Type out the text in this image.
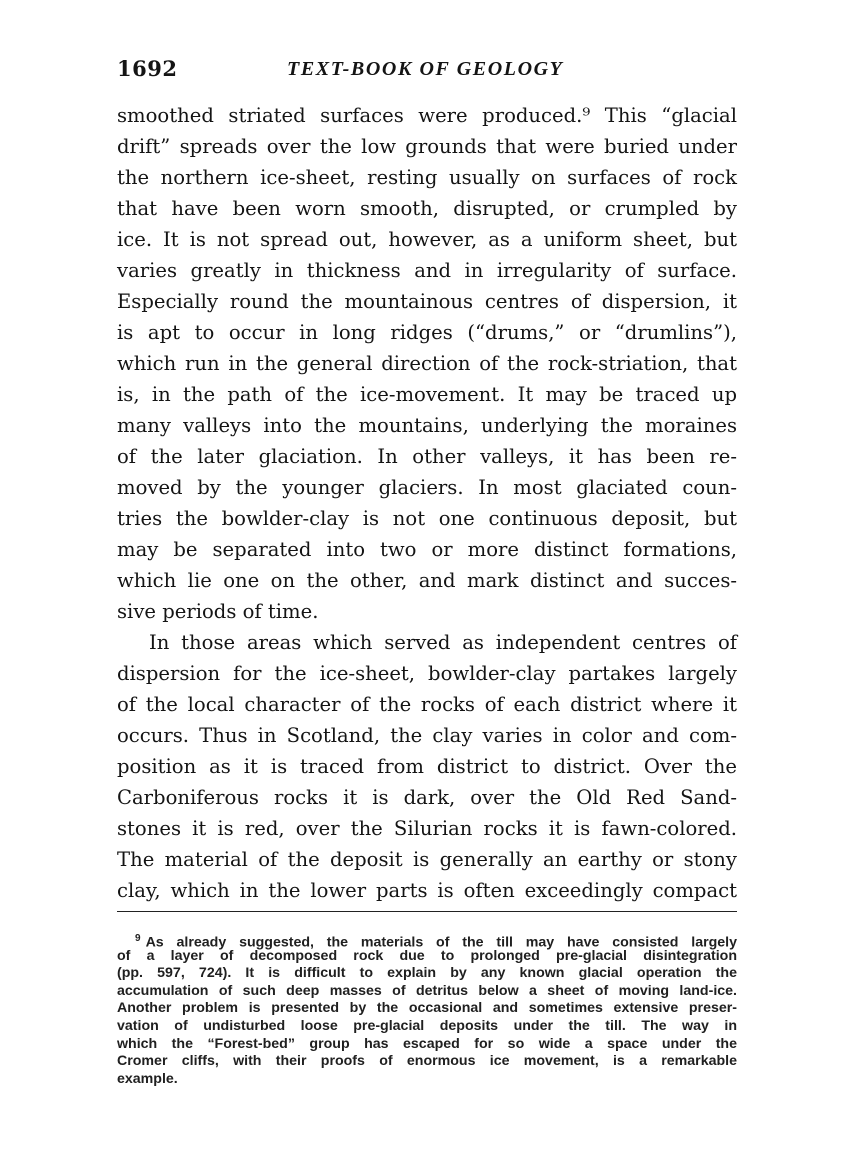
1692	TEXT-BOOK OF GEOLOGY
smoothed striated surfaces were produced.⁹ This “glacial
drift” spreads over the low grounds that were buried under
the northern ice-sheet, resting usually on surfaces of rock
that have been worn smooth, disrupted, or crumpled by
ice. It is not spread out, however, as a uniform sheet, but
varies greatly in thickness and in irregularity of surface.
Especially round the mountainous centres of dispersion, it
is apt to occur in long ridges (“drums,” or “drumlins”),
which run in the general direction of the rock-striation, that
is, in the path of the ice-movement. It may be traced up
many valleys into the mountains, underlying the moraines
of the later glaciation. In other valleys, it has been re-
moved by the younger glaciers. In most glaciated coun-
tries the bowlder-clay is not one continuous deposit, but
may be separated into two or more distinct formations,
which lie one on the other, and mark distinct and succes-
sive periods of time.
In those areas which served as independent centres of
dispersion for the ice-sheet, bowlder-clay partakes largely
of the local character of the rocks of each district where it
occurs. Thus in Scotland, the clay varies in color and com-
position as it is traced from district to district. Over the
Carboniferous rocks it is dark, over the Old Red Sand-
stones it is red, over the Silurian rocks it is fawn-colored.
The material of the deposit is generally an earthy or stony
clay, which in the lower parts is often exceedingly compact
$^9$ As already suggested, the materials of the till may have consisted largely
of a layer of decomposed rock due to prolonged pre-glacial disintegration
(pp. 597, 724). It is difficult to explain by any known glacial operation the
accumulation of such deep masses of detritus below a sheet of moving land-ice.
Another problem is presented by the occasional and sometimes extensive preser-
vation of undisturbed loose pre-glacial deposits under the till. The way in
which the “Forest-bed” group has escaped for so wide a space under the
Cromer cliffs, with their proofs of enormous ice movement, is a remarkable
example.
